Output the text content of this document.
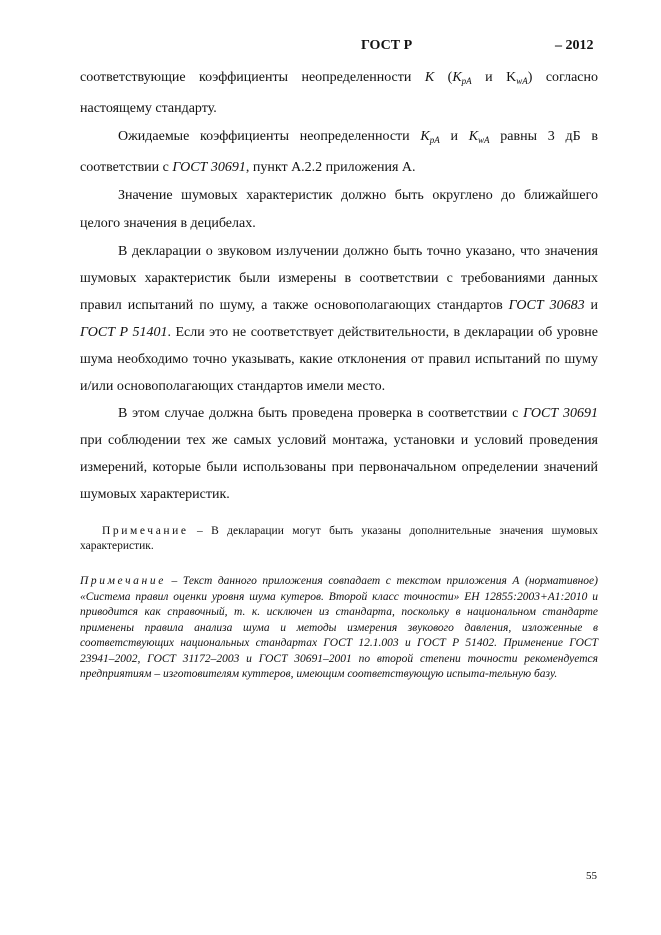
ГОСТ Р	– 2012

соответствующие коэффициенты неопределенности K ($K_{pA}$ и $K_{wA}$) согласно настоящему стандарту.

Ожидаемые коэффициенты неопределенности $K_{pA}$ и $K_{wA}$ равны 3 дБ в соответствии с ГОСТ 30691, пункт А.2.2 приложения А.

Значение шумовых характеристик должно быть округлено до ближайшего целого значения в децибелах.

В декларации о звуковом излучении должно быть точно указано, что значения шумовых характеристик были измерены в соответствии с требованиями данных правил испытаний по шуму, а также основополагающих стандартов ГОСТ 30683 и ГОСТ Р 51401. Если это не соответствует действительности, в декларации об уровне шума необходимо точно указывать, какие отклонения от правил испытаний по шуму и/или основополагающих стандартов имели место.

В этом случае должна быть проведена проверка в соответствии с ГОСТ 30691 при соблюдении тех же самых условий монтажа, установки и условий проведения измерений, которые были использованы при первоначальном определении значений шумовых характеристик.

Примечание – В декларации могут быть указаны дополнительные значения шумовых характеристик.
Примечание – Текст данного приложения совпадает с текстом приложения А (нормативное) «Система правил оценки уровня шума кутеров. Второй класс точности» ЕН 12855:2003+А1:2010 и приводится как справочный, т. к. исключен из стандарта, поскольку в национальном стандарте применены правила анализа шума и методы измерения звукового давления, изложенные в соответствующих национальных стандартах ГОСТ 12.1.003 и ГОСТ Р 51402. Применение ГОСТ 23941–2002, ГОСТ 31172–2003 и ГОСТ 30691–2001 по второй степени точности рекомендуется предприятиям – изготовителям куттеров, имеющим соответствующую испыта-тельную базу.
55
